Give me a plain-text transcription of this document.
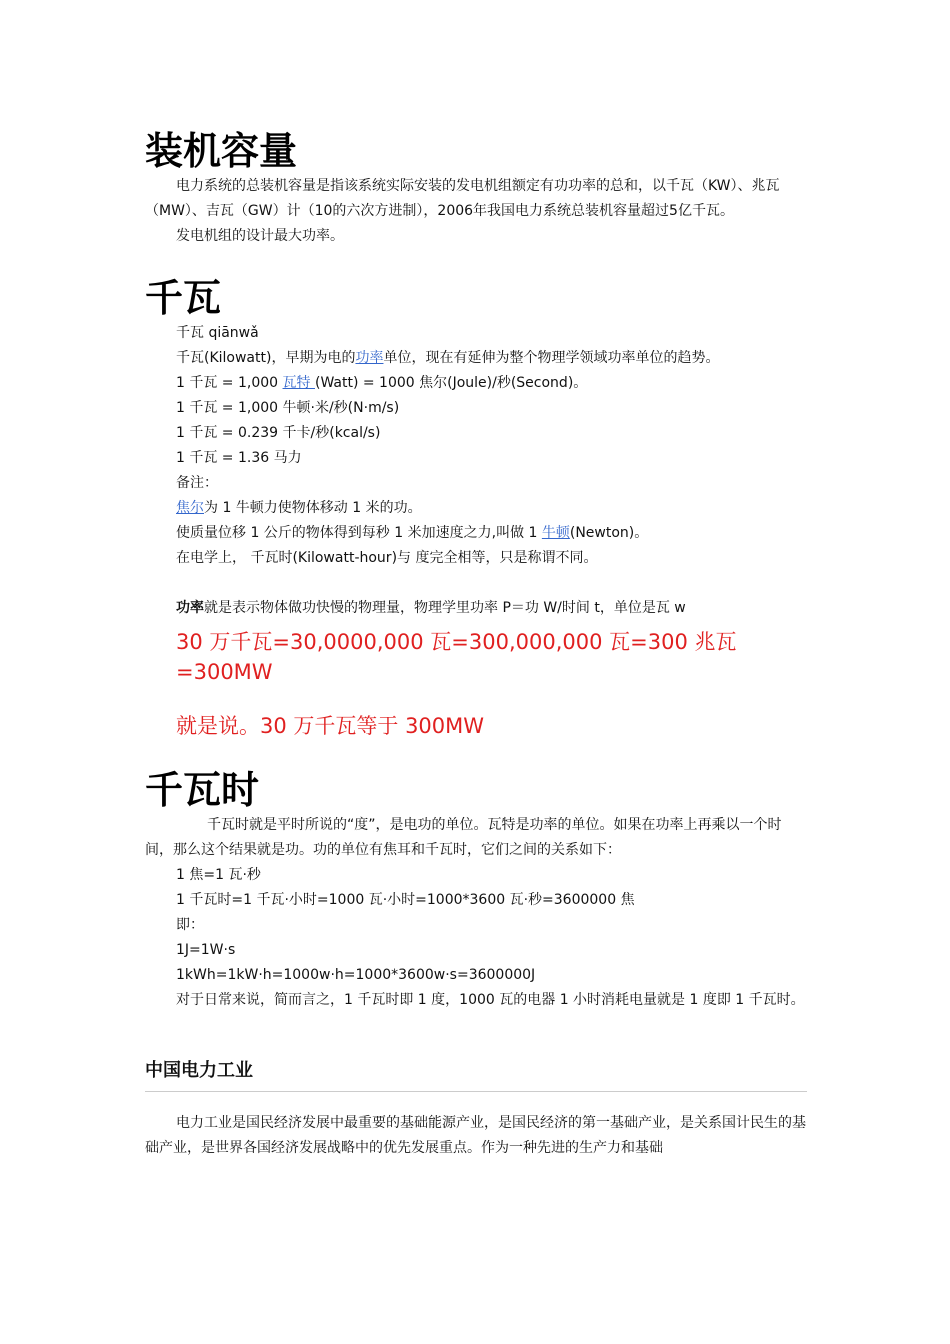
装机容量

电力系统的总装机容量是指该系统实际安装的发电机组额定有功功率的总和，以千瓦（KW）、兆瓦（MW）、吉瓦（GW）计（10的六次方进制），2006年我国电力系统总装机容量超过5亿千瓦。

发电机组的设计最大功率。

千瓦

千瓦 qiānwǎ

千瓦(Kilowatt)，早期为电的功率单位，现在有延伸为整个物理学领域功率单位的趋势。

1 千瓦 = 1,000 瓦特 (Watt) = 1000 焦尔(Joule)/秒(Second)。

1 千瓦 = 1,000 牛顿·米/秒(N·m/s)

1 千瓦 = 0.239 千卡/秒(kcal/s)

1 千瓦 = 1.36 马力

备注：

焦尔为 1 牛顿力使物体移动 1 米的功。

使质量位移 1 公斤的物体得到每秒 1 米加速度之力,叫做 1 牛顿(Newton)。

在电学上， 千瓦时(Kilowatt-hour)与 度完全相等，只是称谓不同。

功率就是表示物体做功快慢的物理量，物理学里功率 P＝功 W/时间 t，单位是瓦 w

30 万千瓦=30,0000,000 瓦=300,000,000 瓦=300 兆瓦=300MW

就是说。30 万千瓦等于 300MW

千瓦时

千瓦时就是平时所说的“度”，是电功的单位。瓦特是功率的单位。如果在功率上再乘以一个时间，那么这个结果就是功。功的单位有焦耳和千瓦时，它们之间的关系如下：

1 焦=1 瓦·秒

1 千瓦时=1 千瓦·小时=1000 瓦·小时=1000*3600 瓦·秒=3600000 焦

即：

1J=1W·s

1kWh=1kW·h=1000w·h=1000*3600w·s=3600000J

对于日常来说，简而言之，1 千瓦时即 1 度，1000 瓦的电器 1 小时消耗电量就是 1 度即 1 千瓦时。

中国电力工业

电力工业是国民经济发展中最重要的基础能源产业，是国民经济的第一基础产业，是关系国计民生的基础产业，是世界各国经济发展战略中的优先发展重点。作为一种先进的生产力和基础
